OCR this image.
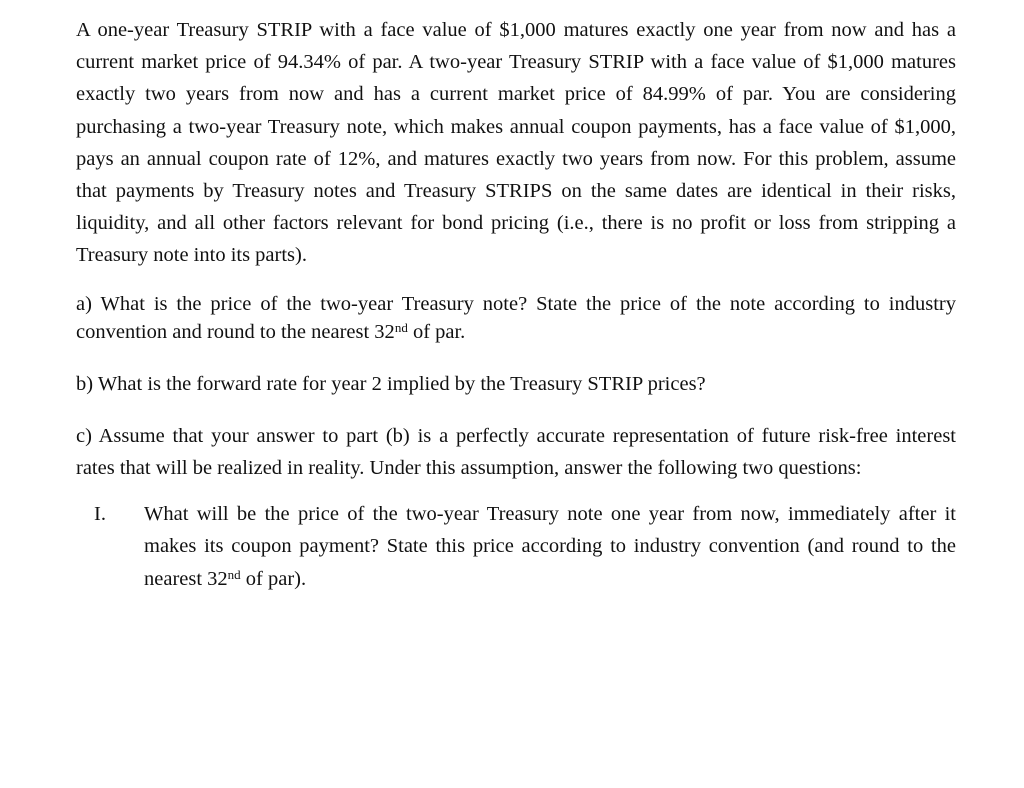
A one-year Treasury STRIP with a face value of $1,000 matures exactly one year from now and has a current market price of 94.34% of par. A two-year Treasury STRIP with a face value of $1,000 matures exactly two years from now and has a current market price of 84.99% of par. You are considering purchasing a two-year Treasury note, which makes annual coupon payments, has a face value of $1,000, pays an annual coupon rate of 12%, and matures exactly two years from now. For this problem, assume that payments by Treasury notes and Treasury STRIPS on the same dates are identical in their risks, liquidity, and all other factors relevant for bond pricing (i.e., there is no profit or loss from stripping a Treasury note into its parts).

a) What is the price of the two-year Treasury note? State the price of the note according to industry convention and round to the nearest 32nd of par.

b) What is the forward rate for year 2 implied by the Treasury STRIP prices?

c) Assume that your answer to part (b) is a perfectly accurate representation of future risk-free interest rates that will be realized in reality. Under this assumption, answer the following two questions:

I.	What will be the price of the two-year Treasury note one year from now, immediately after it makes its coupon payment? State this price according to industry convention (and round to the nearest 32nd of par).
